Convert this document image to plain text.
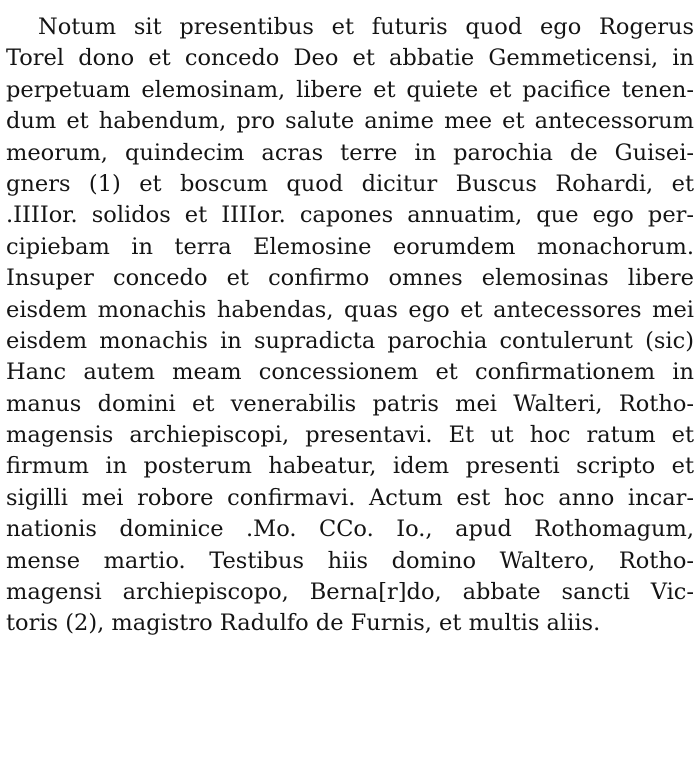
Notum sit presentibus et futuris quod ego Rogerus
Torel dono et concedo Deo et abbatie Gemmeticensi, in
perpetuam elemosinam, libere et quiete et pacifice tenen-
dum et habendum, pro salute anime mee et antecessorum
meorum, quindecim acras terre in parochia de Guisei-
gners (1) et boscum quod dicitur Buscus Rohardi, et
.IIIIor. solidos et IIIIor. capones annuatim, que ego per-
cipiebam in terra Elemosine eorumdem monachorum.
Insuper concedo et confirmo omnes elemosinas libere
eisdem monachis habendas, quas ego et antecessores mei
eisdem monachis in supradicta parochia contulerunt (sic)
Hanc autem meam concessionem et confirmationem in
manus domini et venerabilis patris mei Walteri, Rotho-
magensis archiepiscopi, presentavi. Et ut hoc ratum et
firmum in posterum habeatur, idem presenti scripto et
sigilli mei robore confirmavi. Actum est hoc anno incar-
nationis dominice .Mo. CCo. Io., apud Rothomagum,
mense martio. Testibus hiis domino Waltero, Rotho-
magensi archiepiscopo, Berna[r]do, abbate sancti Vic-
toris (2), magistro Radulfo de Furnis, et multis aliis.
